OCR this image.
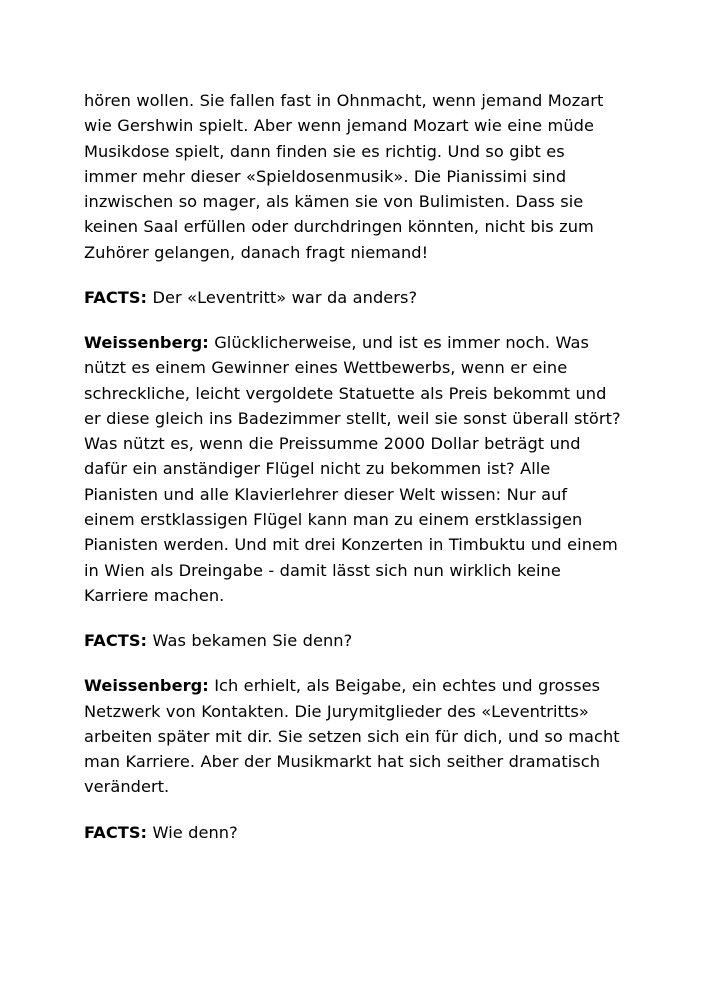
hören wollen. Sie fallen fast in Ohnmacht, wenn jemand Mozart wie Gershwin spielt. Aber wenn jemand Mozart wie eine müde Musikdose spielt, dann finden sie es richtig. Und so gibt es immer mehr dieser «Spieldosenmusik». Die Pianissimi sind inzwischen so mager, als kämen sie von Bulimisten. Dass sie keinen Saal erfüllen oder durchdringen könnten, nicht bis zum Zuhörer gelangen, danach fragt niemand!

FACTS: Der «Leventritt» war da anders?

Weissenberg: Glücklicherweise, und ist es immer noch. Was nützt es einem Gewinner eines Wettbewerbs, wenn er eine schreckliche, leicht vergoldete Statuette als Preis bekommt und er diese gleich ins Badezimmer stellt, weil sie sonst überall stört? Was nützt es, wenn die Preissumme 2000 Dollar beträgt und dafür ein anständiger Flügel nicht zu bekommen ist? Alle Pianisten und alle Klavierlehrer dieser Welt wissen: Nur auf einem erstklassigen Flügel kann man zu einem erstklassigen Pianisten werden. Und mit drei Konzerten in Timbuktu und einem in Wien als Dreingabe - damit lässt sich nun wirklich keine Karriere machen.

FACTS: Was bekamen Sie denn?

Weissenberg: Ich erhielt, als Beigabe, ein echtes und grosses Netzwerk von Kontakten. Die Jurymitglieder des «Leventritts» arbeiten später mit dir. Sie setzen sich ein für dich, und so macht man Karriere. Aber der Musikmarkt hat sich seither dramatisch verändert.

FACTS: Wie denn?
